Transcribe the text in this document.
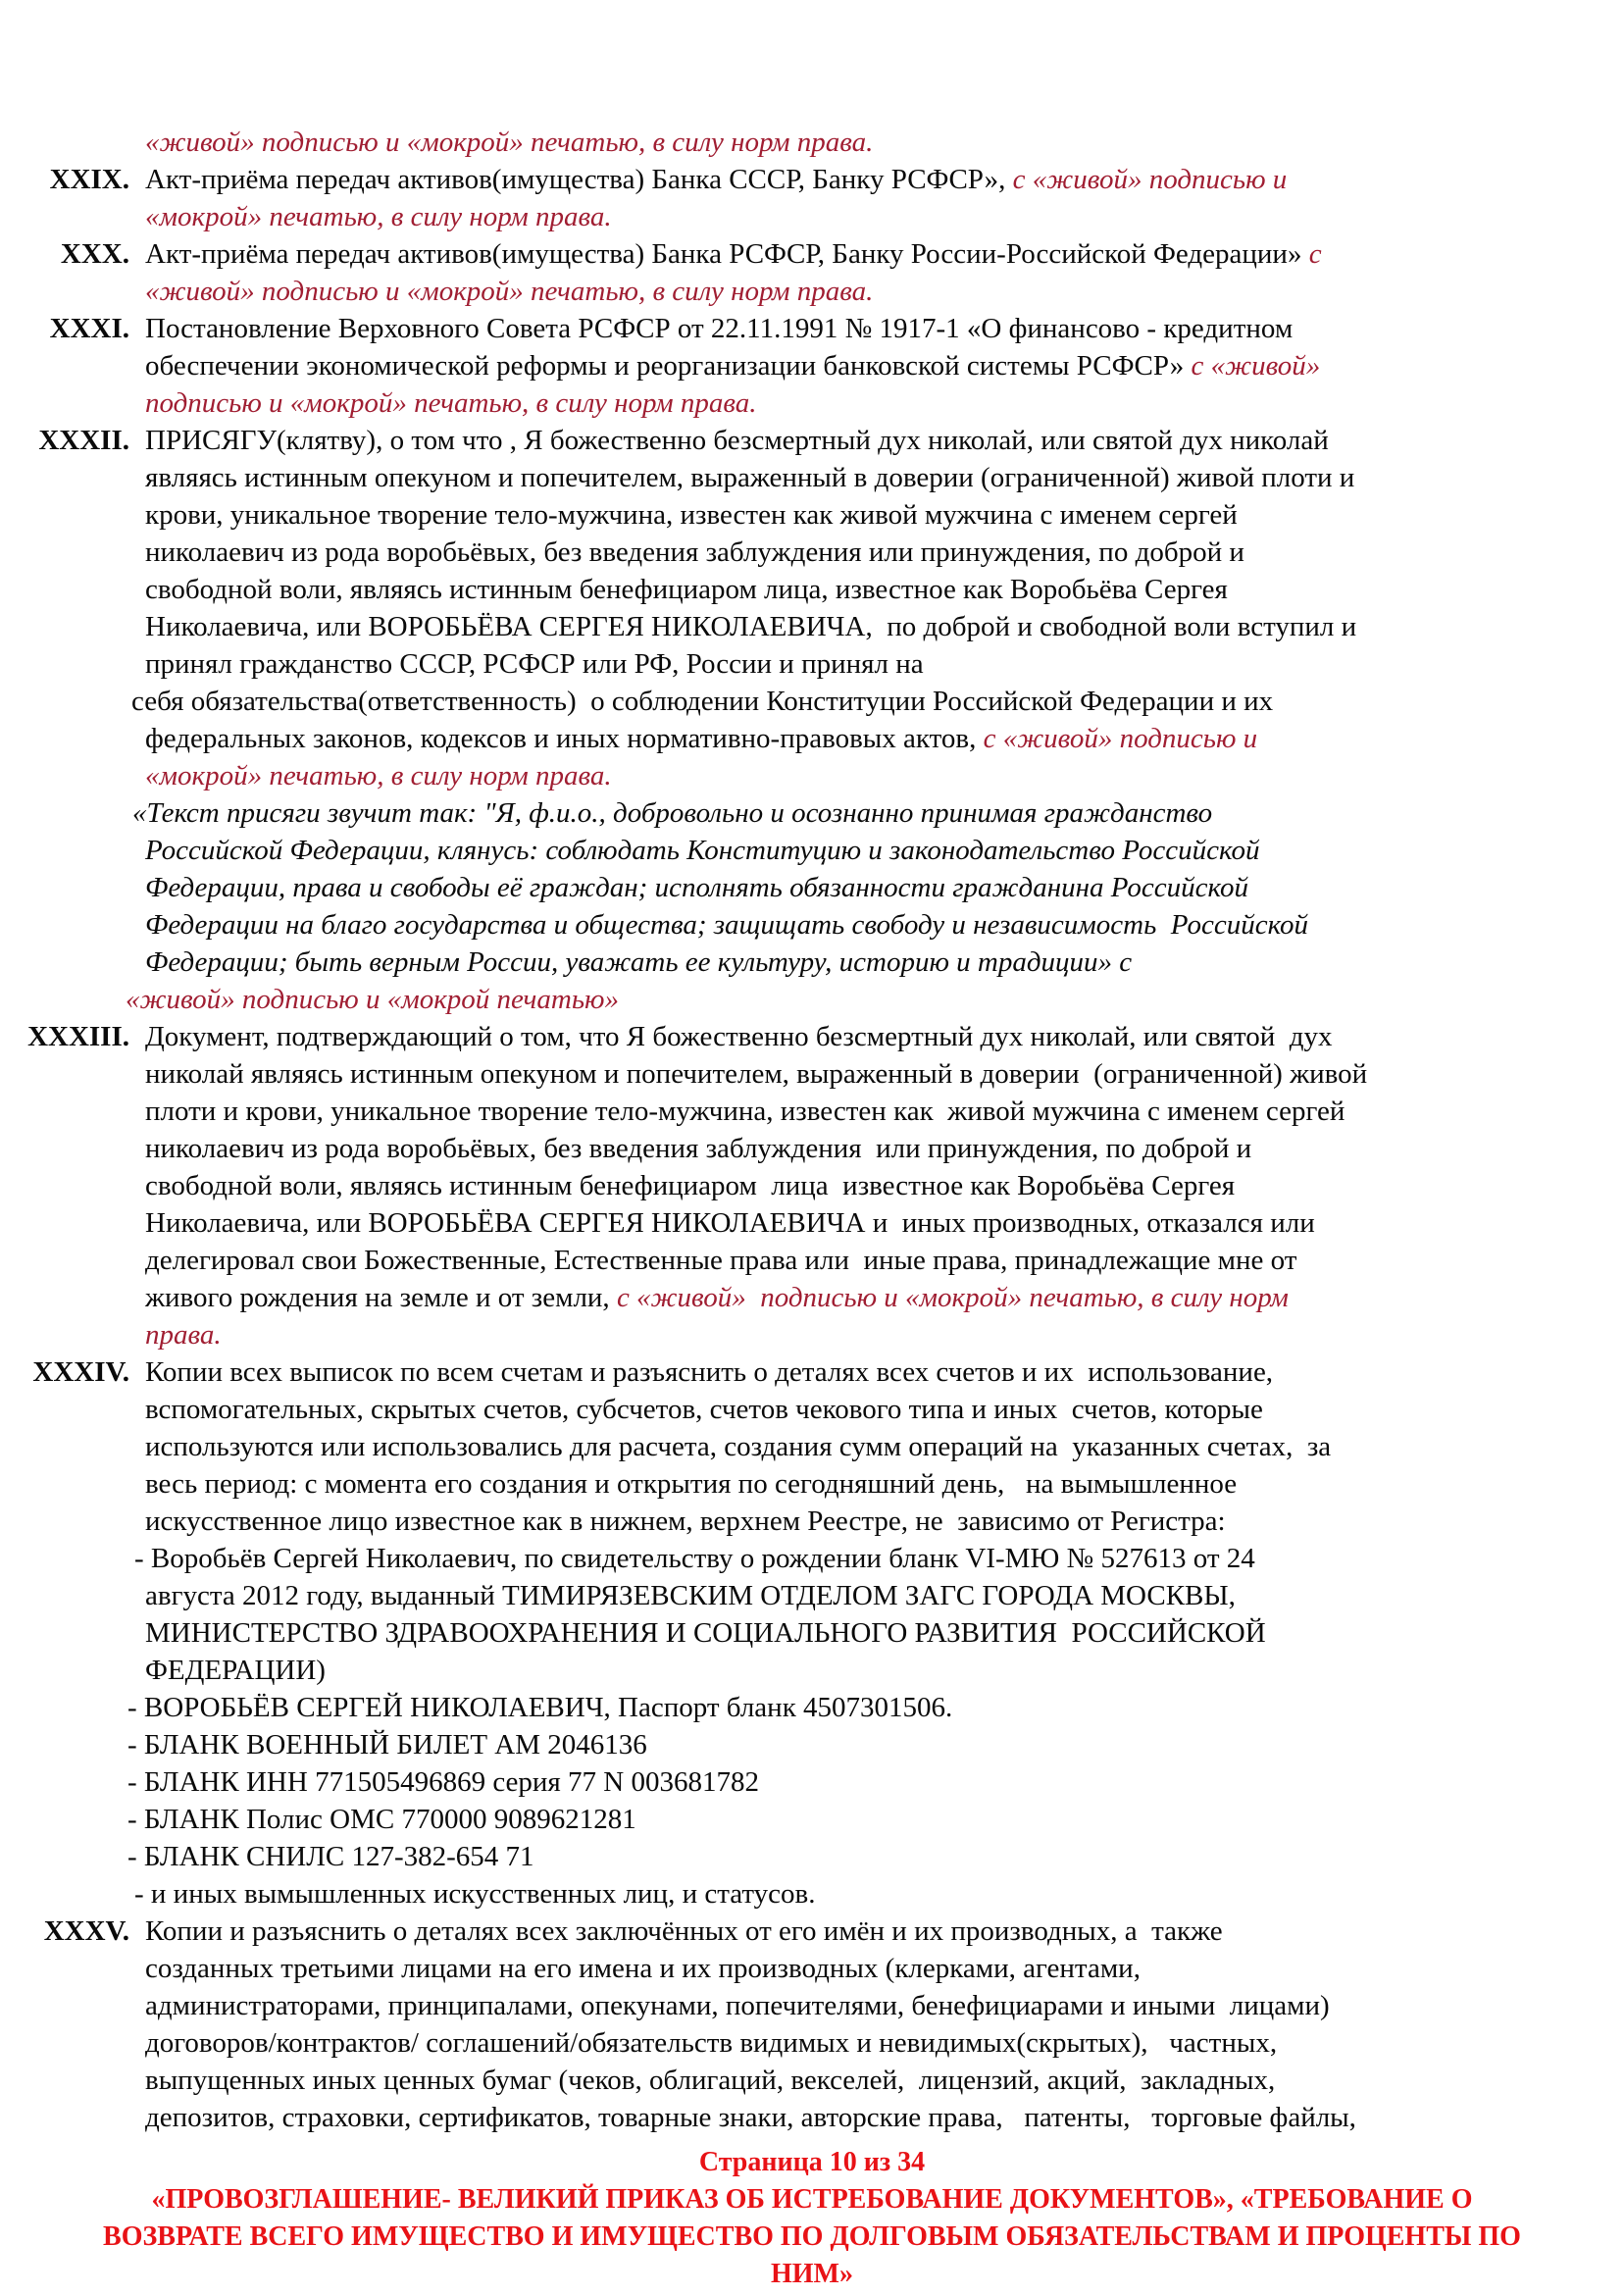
«живой» подписью и «мокрой» печатью, в силу норм права.
XXIX. Акт-приёма передач активов(имущества) Банка СССР, Банку РСФСР», с «живой» подписью и
«мокрой» печатью, в силу норм права.
XXX. Акт-приёма передач активов(имущества) Банка РСФСР, Банку России-Российской Федерации» с
«живой» подписью и «мокрой» печатью, в силу норм права.
XXXI. Постановление Верховного Совета РСФСР от 22.11.1991 № 1917-1 «О финансово - кредитном
обеспечении экономической реформы и реорганизации банковской системы РСФСР» с «живой»
подписью и «мокрой» печатью, в силу норм права.
XXXII. ПРИСЯГУ(клятву), о том что , Я божественно безсмертный дух николай, или святой дух николай
являясь истинным опекуном и попечителем, выраженный в доверии (ограниченной) живой плоти и
крови, уникальное творение тело-мужчина, известен как живой мужчина с именем сергей
николаевич из рода воробьёвых, без введения заблуждения или принуждения, по доброй и
свободной воли, являясь истинным бенефициаром лица, известное как Воробьёва Сергея
Николаевича, или ВОРОБЬЁВА СЕРГЕЯ НИКОЛАЕВИЧА,  по доброй и свободной воли вступил и
принял гражданство СССР, РСФСР или РФ, России и принял на
себя обязательства(ответственность)  о соблюдении Конституции Российской Федерации и их
федеральных законов, кодексов и иных нормативно-правовых актов, с «живой» подписью и
«мокрой» печатью, в силу норм права.
«Текст присяги звучит так: "Я, ф.и.о., добровольно и осознанно принимая гражданство
Российской Федерации, клянусь: соблюдать Конституцию и законодательство Российской
Федерации, права и свободы её граждан; исполнять обязанности гражданина Российской
Федерации на благо государства и общества; защищать свободу и независимость  Российской
Федерации; быть верным России, уважать ее культуру, историю и традиции» с
«живой» подписью и «мокрой печатью»
XXXIII. Документ, подтверждающий о том, что Я божественно безсмертный дух николай, или святой  дух
николай являясь истинным опекуном и попечителем, выраженный в доверии  (ограниченной) живой
плоти и крови, уникальное творение тело-мужчина, известен как  живой мужчина с именем сергей
николаевич из рода воробьёвых, без введения заблуждения  или принуждения, по доброй и
свободной воли, являясь истинным бенефициаром  лица  известное как Воробьёва Сергея
Николаевича, или ВОРОБЬЁВА СЕРГЕЯ НИКОЛАЕВИЧА и  иных производных, отказался или
делегировал свои Божественные, Естественные права или  иные права, принадлежащие мне от
живого рождения на земле и от земли, с «живой»  подписью и «мокрой» печатью, в силу норм
права.
XXXIV. Копии всех выписок по всем счетам и разъяснить о деталях всех счетов и их  использование,
вспомогательных, скрытых счетов, субсчетов, счетов чекового типа и иных  счетов, которые
используются или использовались для расчета, создания сумм операций на  указанных счетах,  за
весь период: с момента его создания и открытия по сегодняшний день,   на вымышленное
искусственное лицо известное как в нижнем, верхнем Реестре, не  зависимо от Регистра:
- Воробьёв Сергей Николаевич, по свидетельству о рождении бланк VI-МЮ № 527613 от 24
августа 2012 году, выданный ТИМИРЯЗЕВСКИМ ОТДЕЛОМ ЗАГС ГОРОДА МОСКВЫ,
МИНИСТЕРСТВО ЗДРАВООХРАНЕНИЯ И СОЦИАЛЬНОГО РАЗВИТИЯ  РОССИЙСКОЙ
ФЕДЕРАЦИИ)
- ВОРОБЬЁВ СЕРГЕЙ НИКОЛАЕВИЧ, Паспорт бланк 4507301506.
- БЛАНК ВОЕННЫЙ БИЛЕТ АМ 2046136
- БЛАНК ИНН 771505496869 серия 77 N 003681782
- БЛАНК Полис ОМС 770000 9089621281
- БЛАНК СНИЛС 127-382-654 71
- и иных вымышленных искусственных лиц, и статусов.
XXXV. Копии и разъяснить о деталях всех заключённых от его имён и их производных, а  также
созданных третьими лицами на его имена и их производных (клерками, агентами,
администраторами, принципалами, опекунами, попечителями, бенефициарами и иными  лицами)
договоров/контрактов/ соглашений/обязательств видимых и невидимых(скрытых),   частных,
выпущенных иных ценных бумаг (чеков, облигаций, векселей,  лицензий, акций,  закладных,
депозитов, страховки, сертификатов, товарные знаки, авторские права,   патенты,   торговые файлы,
Страница 10 из 34
«ПРОВОЗГЛАШЕНИЕ- ВЕЛИКИЙ ПРИКАЗ ОБ ИСТРЕБОВАНИЕ ДОКУМЕНТОВ», «ТРЕБОВАНИЕ О
ВОЗВРАТЕ ВСЕГО ИМУЩЕСТВО И ИМУЩЕСТВО ПО ДОЛГОВЫМ ОБЯЗАТЕЛЬСТВАМ И ПРОЦЕНТЫ ПО
НИМ»
